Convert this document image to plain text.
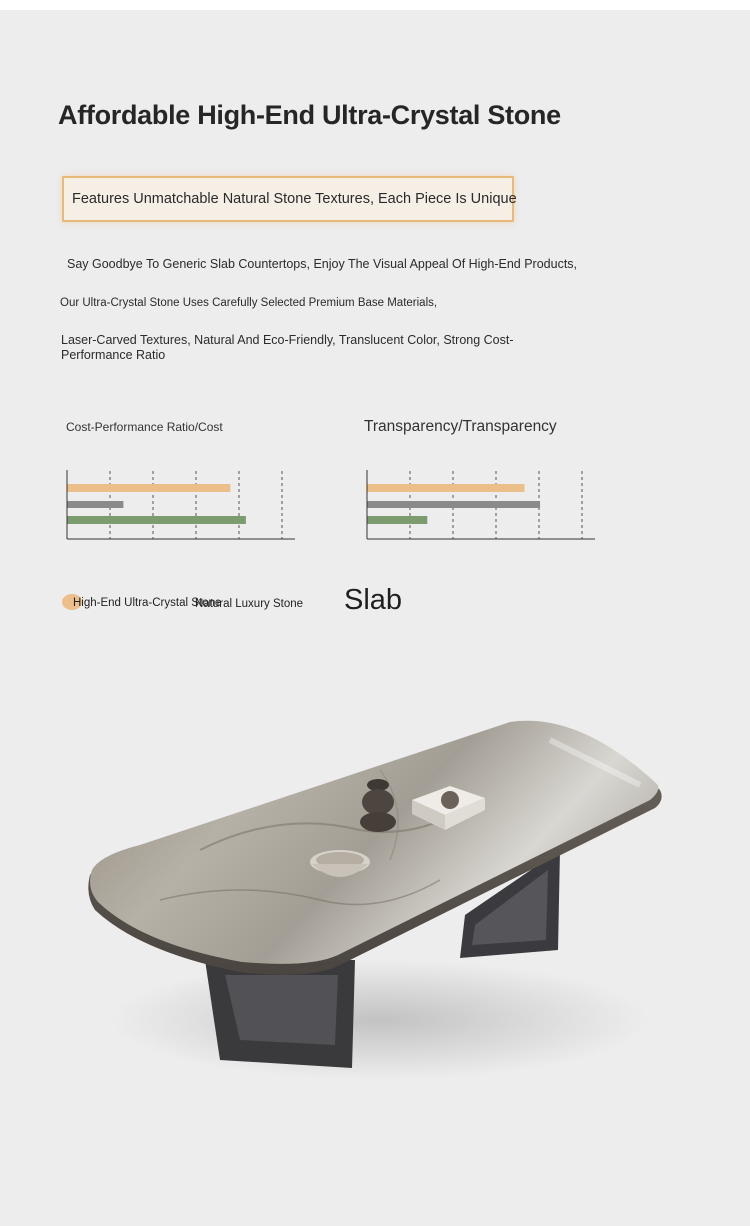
Affordable High-End Ultra-Crystal Stone
Features Unmatchable Natural Stone Textures, Each Piece Is Unique
Say Goodbye To Generic Slab Countertops, Enjoy The Visual Appeal Of High-End Products,
Our Ultra-Crystal Stone Uses Carefully Selected Premium Base Materials,
Laser-Carved Textures, Natural And Eco-Friendly, Translucent Color, Strong Cost-Performance Ratio
Cost-Performance Ratio/Cost	Transparency/Transparency
High-End Ultra-Crystal Stone
Natural Luxury Stone Slab
